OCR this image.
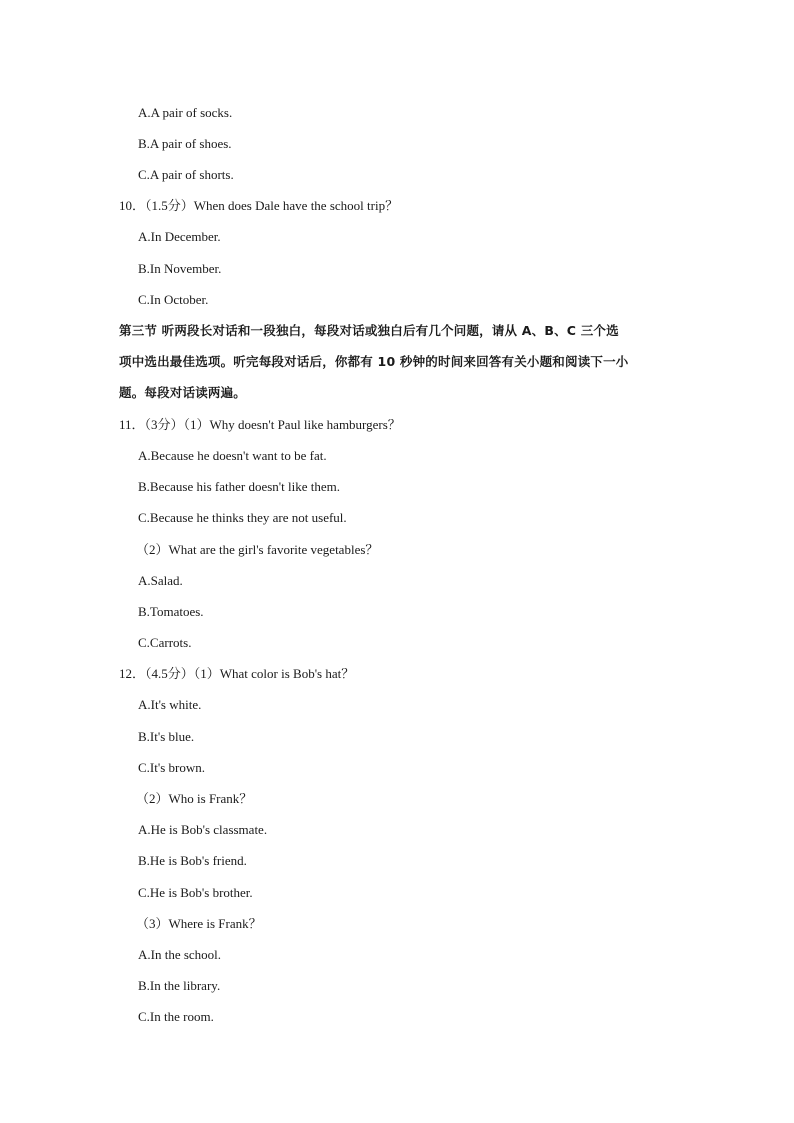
A.A pair of socks.
B.A pair of shoes.
C.A pair of shorts.
10．（1.5分）When does Dale have the school trip？
A.In December.
B.In November.
C.In October.
第三节 听两段长对话和一段独白，每段对话或独白后有几个问题，请从 A、B、C 三个选
项中选出最佳选项。听完每段对话后，你都有 10 秒钟的时间来回答有关小题和阅读下一小
题。每段对话读两遍。
11．（3分）（1）Why doesn't Paul like hamburgers？
A.Because he doesn't want to be fat.
B.Because his father doesn't like them.
C.Because he thinks they are not useful.
（2）What are the girl's favorite vegetables？
A.Salad.
B.Tomatoes.
C.Carrots.
12．（4.5分）（1）What color is Bob's hat？
A.It's white.
B.It's blue.
C.It's brown.
（2）Who is Frank？
A.He is Bob's classmate.
B.He is Bob's friend.
C.He is Bob's brother.
（3）Where is Frank？
A.In the school.
B.In the library.
C.In the room.
